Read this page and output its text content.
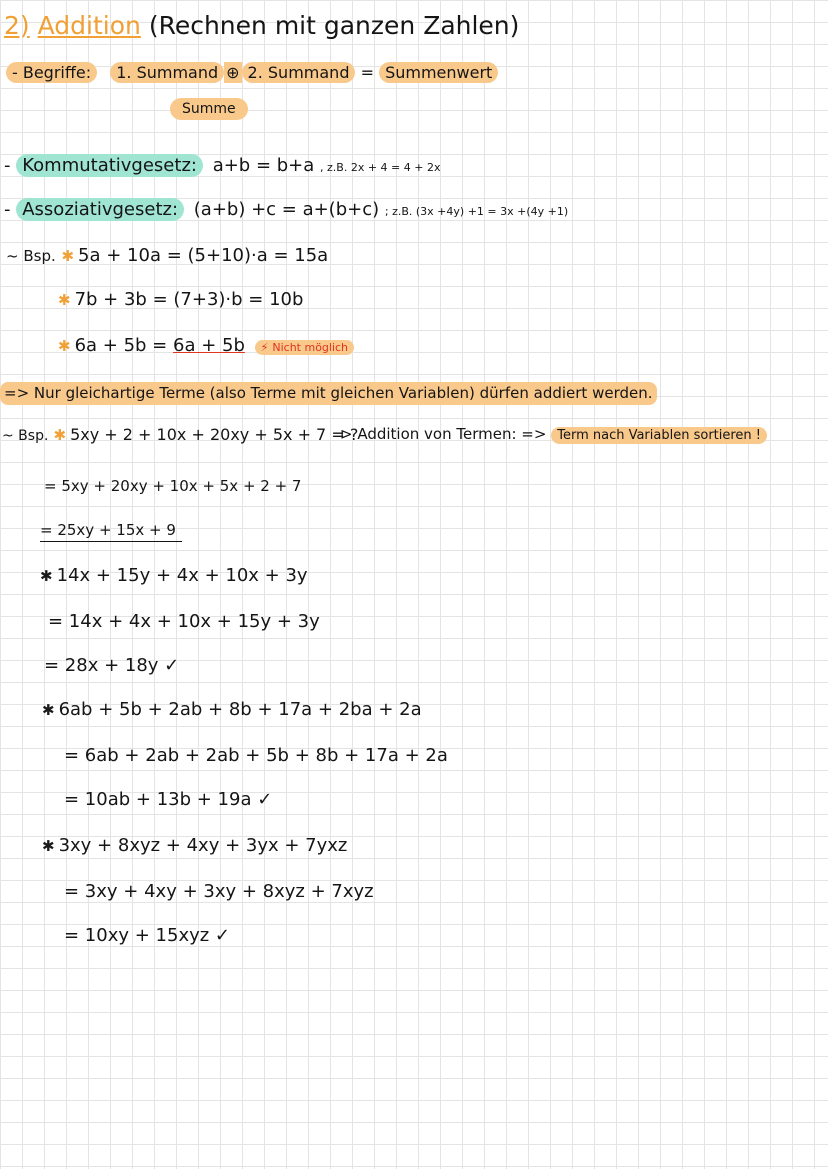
2) Addition (Rechnen mit ganzen Zahlen)
- Begriffe: 1. Summand ⊕ 2. Summand = Summenwert
Summe
- Kommutativgesetz: a+b = b+a , z.B. 2x + 4 = 4 + 2x
- Assoziativgesetz: (a+b) +c = a+(b+c) ; z.B. (3x +4y) +1 = 3x +(4y +1)
~ Bsp. ✱ 5a + 10a = (5+10)·a = 15a
✱ 7b + 3b = (7+3)·b = 10b
✱ 6a + 5b = 6a + 5b ⚡ Nicht möglich
=> Nur gleichartige Terme (also Terme mit gleichen Variablen) dürfen addiert werden.
~ Bsp. ✱ 5xy + 2 + 10x + 20xy + 5x + 7 = ?
⊳ Addition von Termen: => Term nach Variablen sortieren !
= 5xy + 20xy + 10x + 5x + 2 + 7
= 25xy + 15x + 9
✱ 14x + 15y + 4x + 10x + 3y
= 14x + 4x + 10x + 15y + 3y
= 28x + 18y ✓
✱ 6ab + 5b + 2ab + 8b + 17a + 2ba + 2a
= 6ab + 2ab + 2ab + 5b + 8b + 17a + 2a
= 10ab + 13b + 19a ✓
✱ 3xy + 8xyz + 4xy + 3yx + 7yxz
= 3xy + 4xy + 3xy + 8xyz + 7xyz
= 10xy + 15xyz ✓
